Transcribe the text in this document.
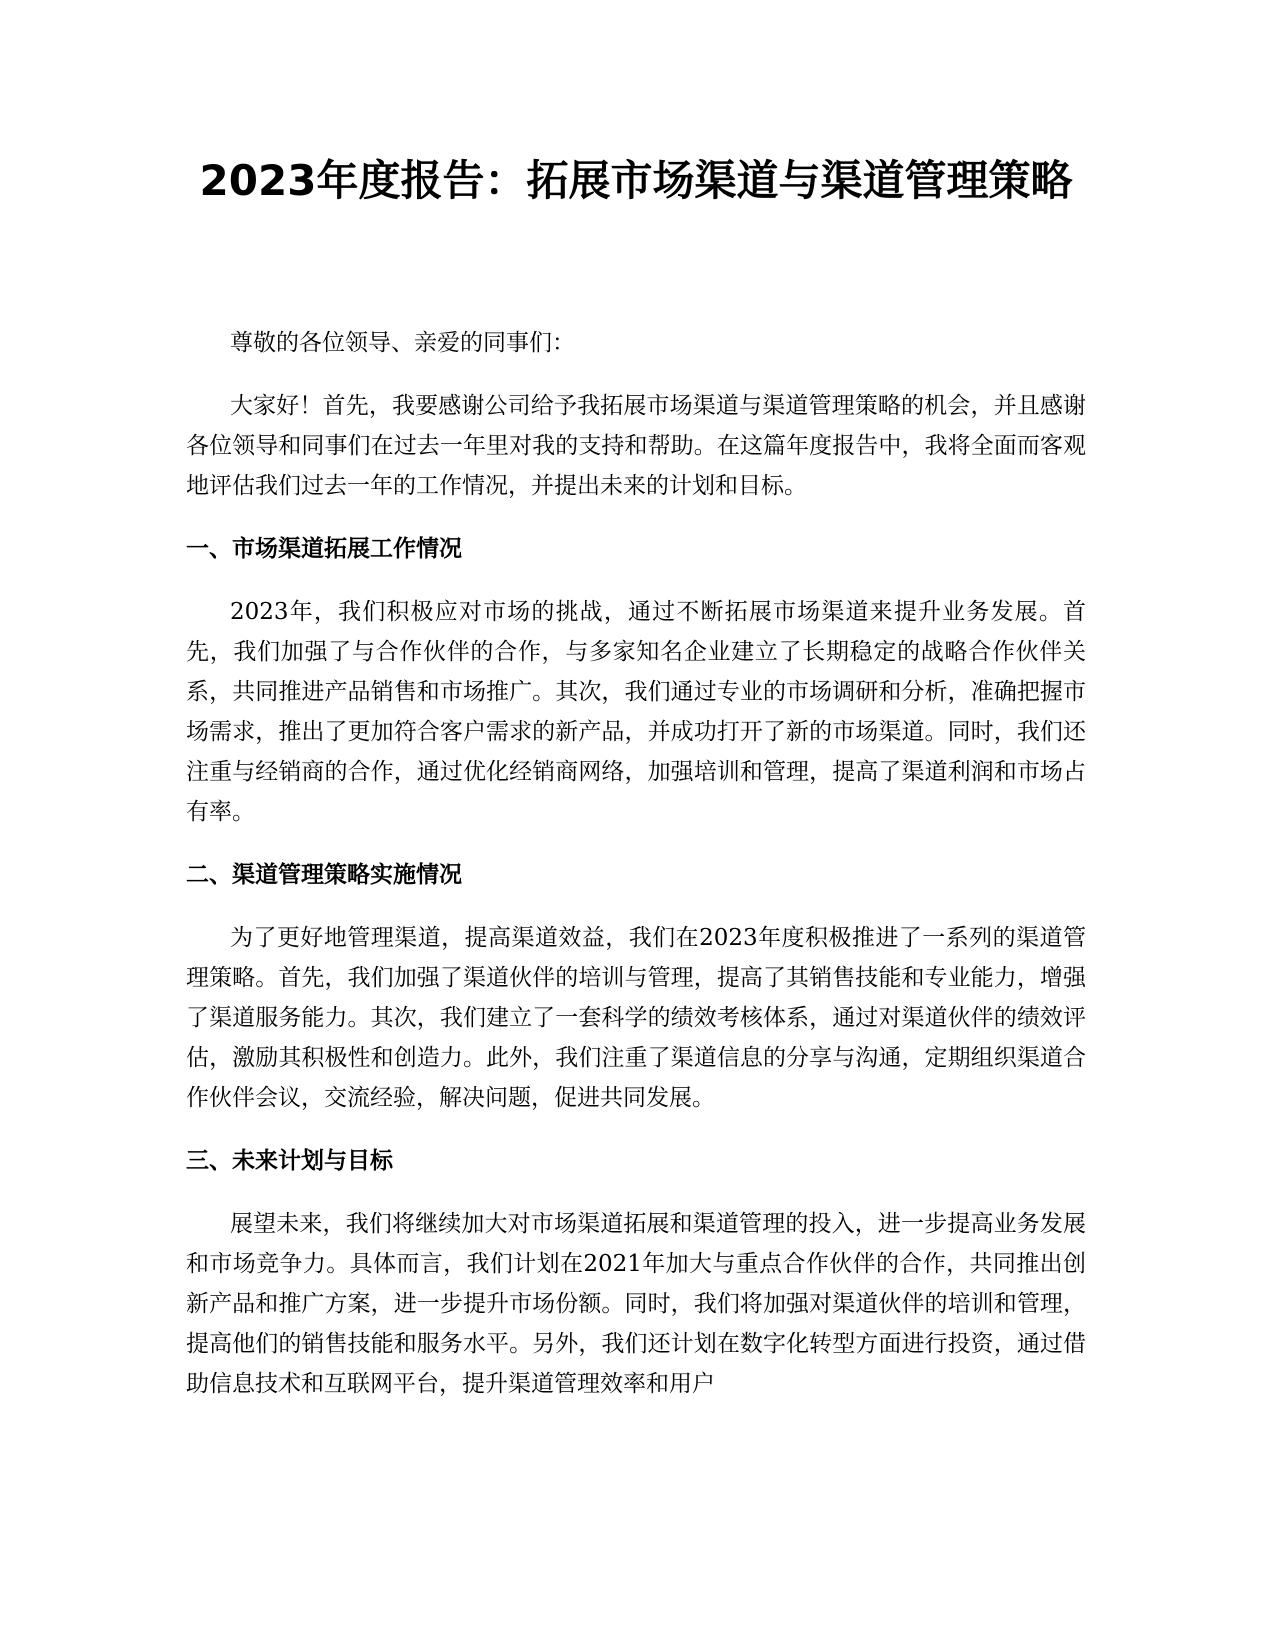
2023年度报告：拓展市场渠道与渠道管理策略

尊敬的各位领导、亲爱的同事们：

大家好！首先，我要感谢公司给予我拓展市场渠道与渠道管理策略的机会，并且感谢各位领导和同事们在过去一年里对我的支持和帮助。在这篇年度报告中，我将全面而客观地评估我们过去一年的工作情况，并提出未来的计划和目标。

一、市场渠道拓展工作情况

2023年，我们积极应对市场的挑战，通过不断拓展市场渠道来提升业务发展。首先，我们加强了与合作伙伴的合作，与多家知名企业建立了长期稳定的战略合作伙伴关系，共同推进产品销售和市场推广。其次，我们通过专业的市场调研和分析，准确把握市场需求，推出了更加符合客户需求的新产品，并成功打开了新的市场渠道。同时，我们还注重与经销商的合作，通过优化经销商网络，加强培训和管理，提高了渠道利润和市场占有率。

二、渠道管理策略实施情况

为了更好地管理渠道，提高渠道效益，我们在2023年度积极推进了一系列的渠道管理策略。首先，我们加强了渠道伙伴的培训与管理，提高了其销售技能和专业能力，增强了渠道服务能力。其次，我们建立了一套科学的绩效考核体系，通过对渠道伙伴的绩效评估，激励其积极性和创造力。此外，我们注重了渠道信息的分享与沟通，定期组织渠道合作伙伴会议，交流经验，解决问题，促进共同发展。

三、未来计划与目标

展望未来，我们将继续加大对市场渠道拓展和渠道管理的投入，进一步提高业务发展和市场竞争力。具体而言，我们计划在2021年加大与重点合作伙伴的合作，共同推出创新产品和推广方案，进一步提升市场份额。同时，我们将加强对渠道伙伴的培训和管理，提高他们的销售技能和服务水平。另外，我们还计划在数字化转型方面进行投资，通过借助信息技术和互联网平台，提升渠道管理效率和用户
